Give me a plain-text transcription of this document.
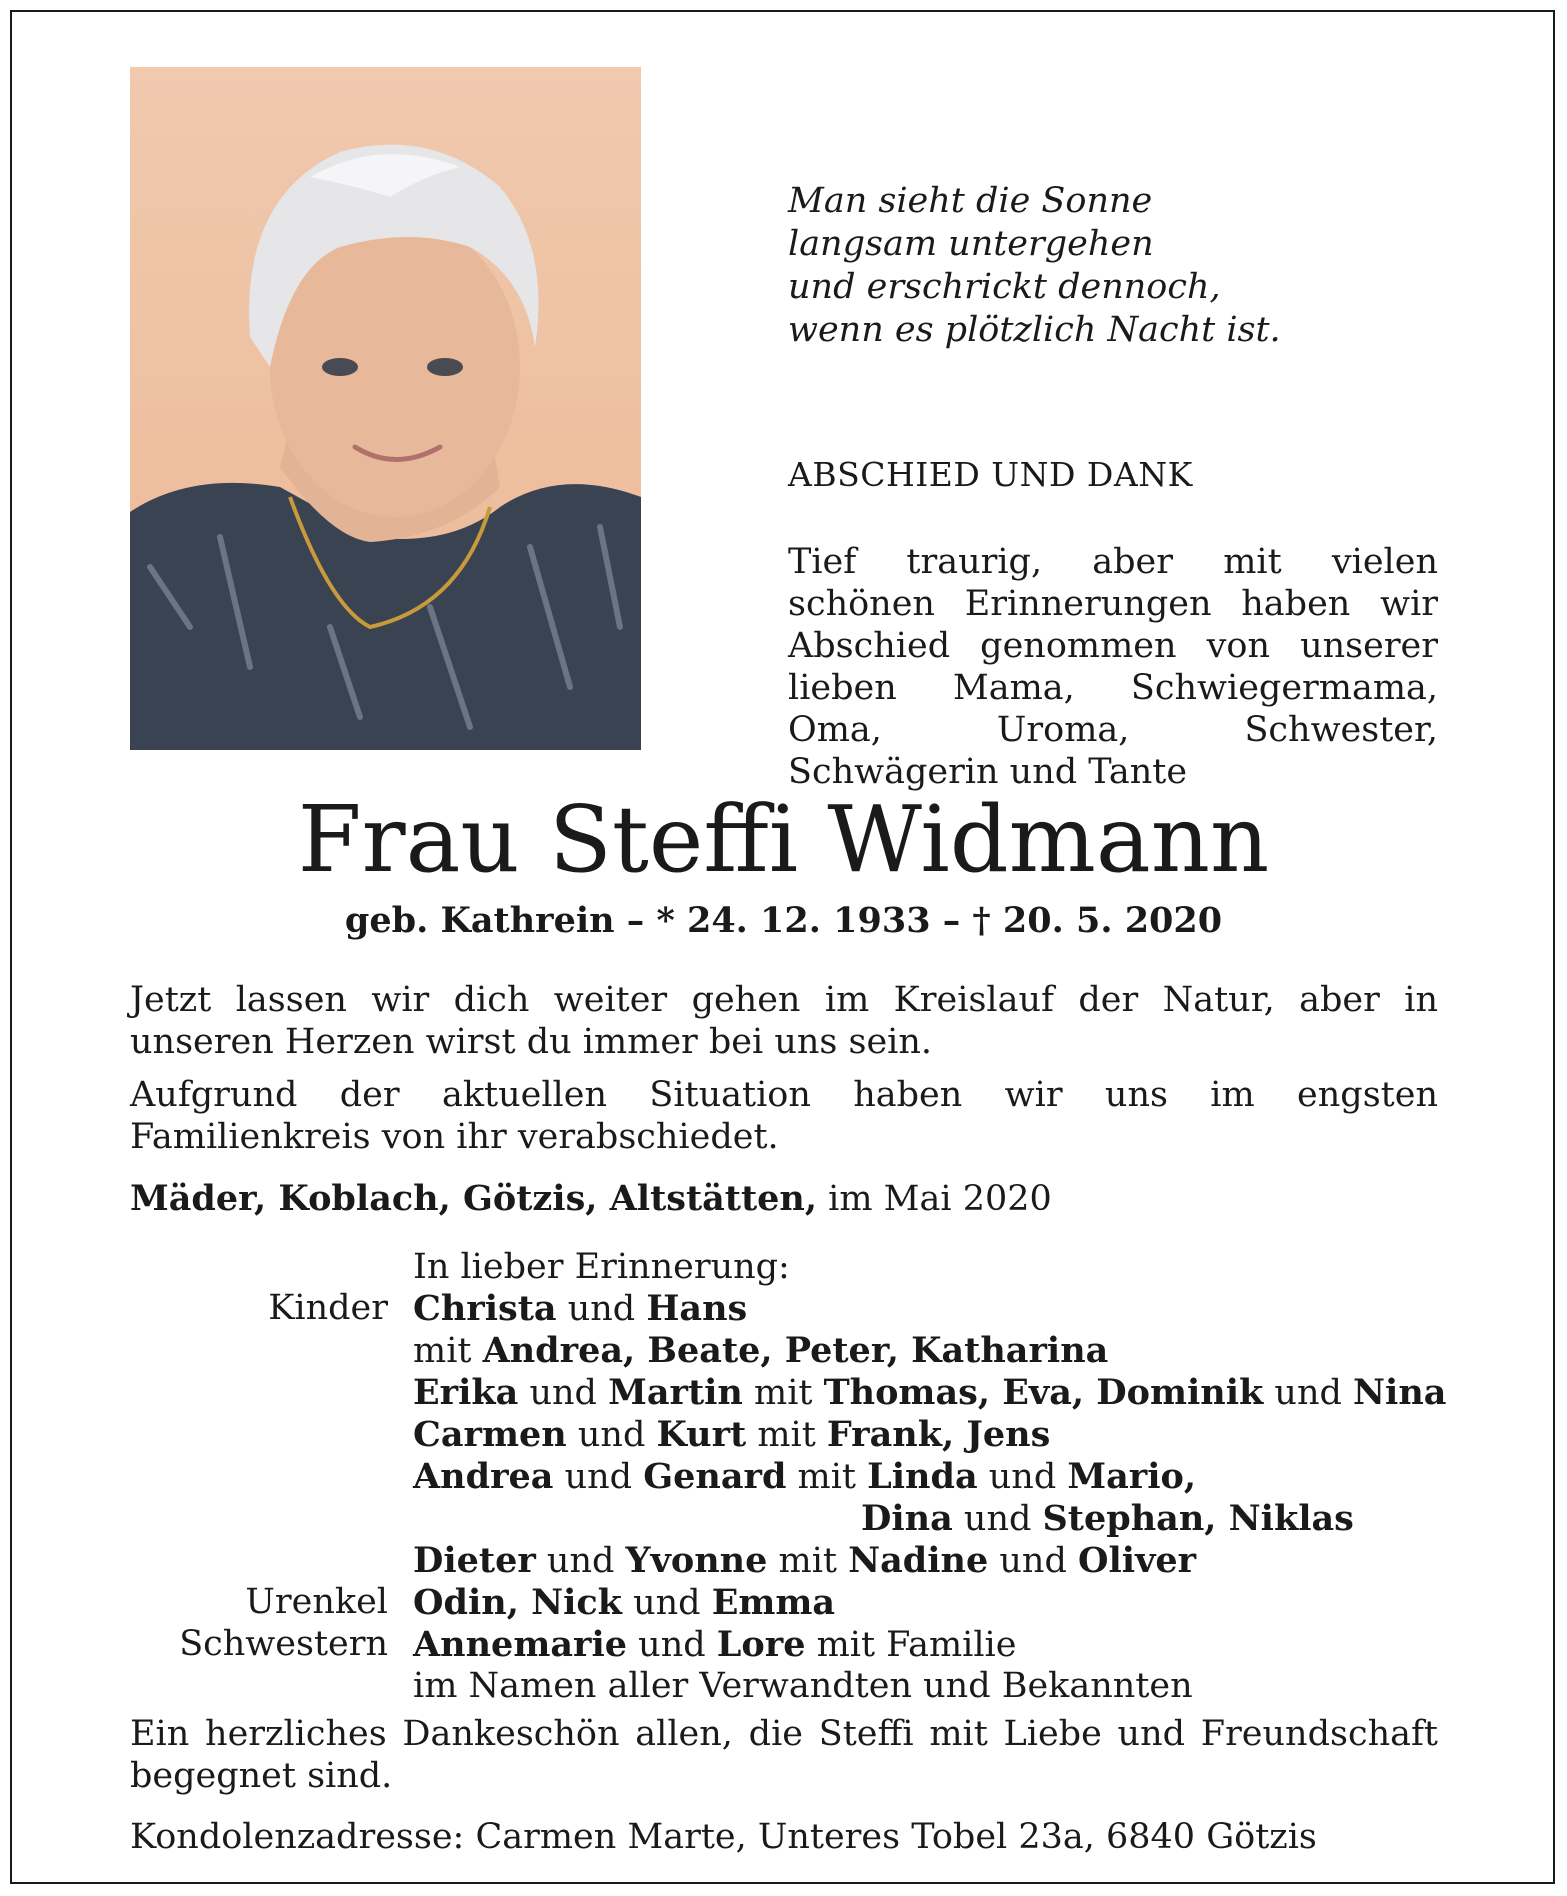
Man sieht die Sonne
langsam untergehen
und erschrickt dennoch,
wenn es plötzlich Nacht ist.
ABSCHIED UND DANK
Tief traurig, aber mit vielen schönen Erinnerungen haben wir Abschied genommen von unserer lieben Mama, Schwiegermama, Oma, Uroma, Schwester, Schwägerin und Tante
Frau Steffi Widmann
geb. Kathrein – * 24. 12. 1933 – † 20. 5. 2020
Jetzt lassen wir dich weiter gehen im Kreislauf der Natur, aber in unseren Herzen wirst du immer bei uns sein.
Aufgrund der aktuellen Situation haben wir uns im engsten Familienkreis von ihr verabschiedet.
Mäder, Koblach, Götzis, Altstätten, im Mai 2020
In lieber Erinnerung:
Kinder Christa und Hans
mit Andrea, Beate, Peter, Katharina
Erika und Martin mit Thomas, Eva, Dominik und Nina
Carmen und Kurt mit Frank, Jens
Andrea und Genard mit Linda und Mario,
Dina und Stephan, Niklas
Dieter und Yvonne mit Nadine und Oliver
Urenkel Odin, Nick und Emma
Schwestern Annemarie und Lore mit Familie
im Namen aller Verwandten und Bekannten
Ein herzliches Dankeschön allen, die Steffi mit Liebe und Freundschaft begegnet sind.
Kondolenzadresse: Carmen Marte, Unteres Tobel 23a, 6840 Götzis
